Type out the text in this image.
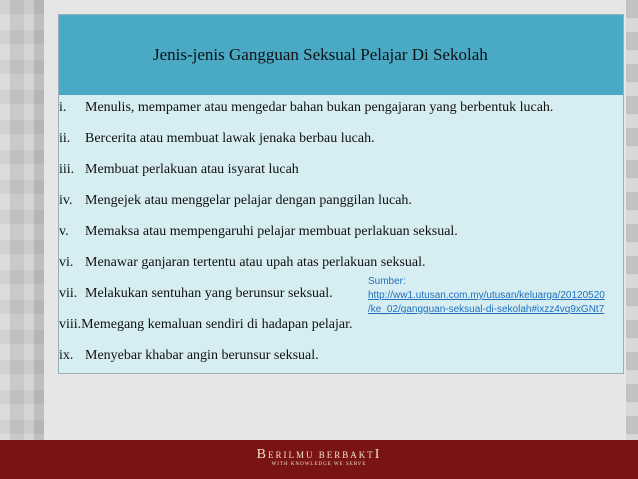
Jenis-jenis Gangguan Seksual Pelajar Di Sekolah
i. Menulis, mempamer atau mengedar bahan bukan pengajaran yang berbentuk lucah.
ii. Bercerita atau membuat lawak jenaka berbau lucah.
iii. Membuat perlakuan atau isyarat lucah
iv. Mengejek atau menggelar pelajar dengan panggilan lucah.
v. Memaksa atau mempengaruhi pelajar membuat perlakuan seksual.
vi. Menawar ganjaran tertentu atau upah atas perlakuan seksual.
vii. Melakukan sentuhan yang berunsur seksual.
viii.Memegang kemaluan sendiri di hadapan pelajar.
ix. Menyebar khabar angin berunsur seksual.
Sumber:
http://ww1.utusan.com.my/utusan/keluarga/20120520
/ke_02/gangguan-seksual-di-sekolah#ixzz4vq9xGNt7
BERILMU BERBAKTI
WITH KNOWLEDGE WE SERVE
